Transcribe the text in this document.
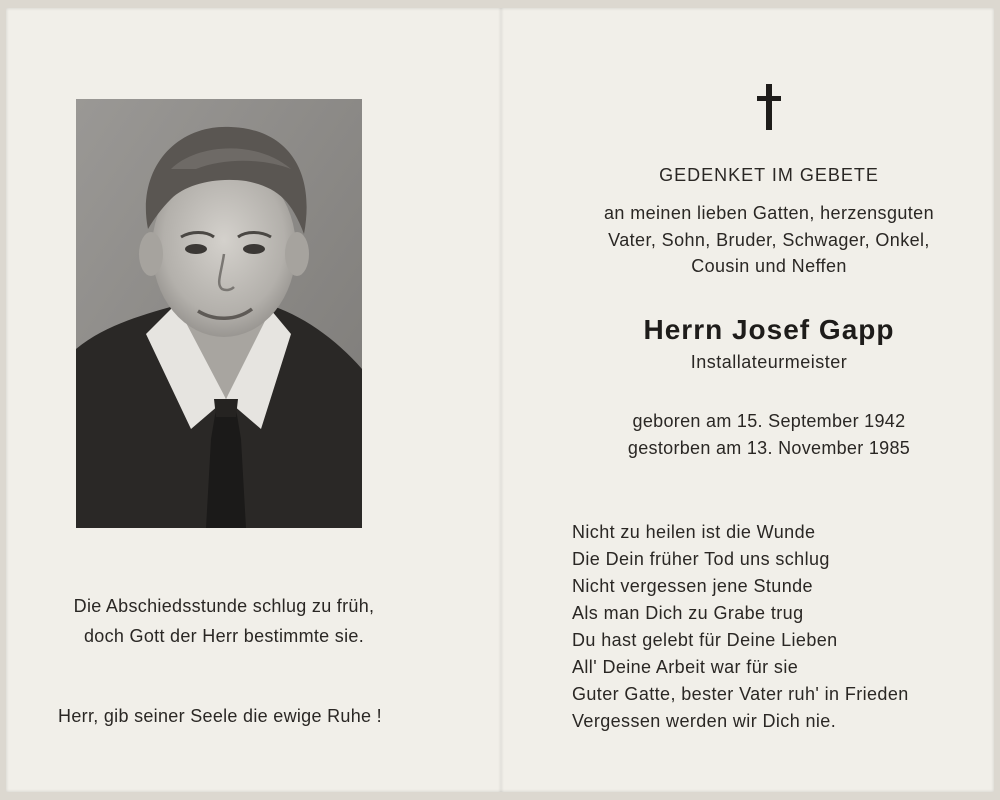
Die Abschiedsstunde schlug zu früh,
doch Gott der Herr bestimmte sie.
Herr, gib seiner Seele die ewige Ruhe !
GEDENKET IM GEBETE
an meinen lieben Gatten, herzensguten
Vater, Sohn, Bruder, Schwager, Onkel,
Cousin und Neffen
Herrn Josef Gapp
Installateurmeister
geboren am 15. September 1942
gestorben am 13. November 1985
Nicht zu heilen ist die Wunde
Die Dein früher Tod uns schlug
Nicht vergessen jene Stunde
Als man Dich zu Grabe trug
Du hast gelebt für Deine Lieben
All' Deine Arbeit war für sie
Guter Gatte, bester Vater ruh' in Frieden
Vergessen werden wir Dich nie.
